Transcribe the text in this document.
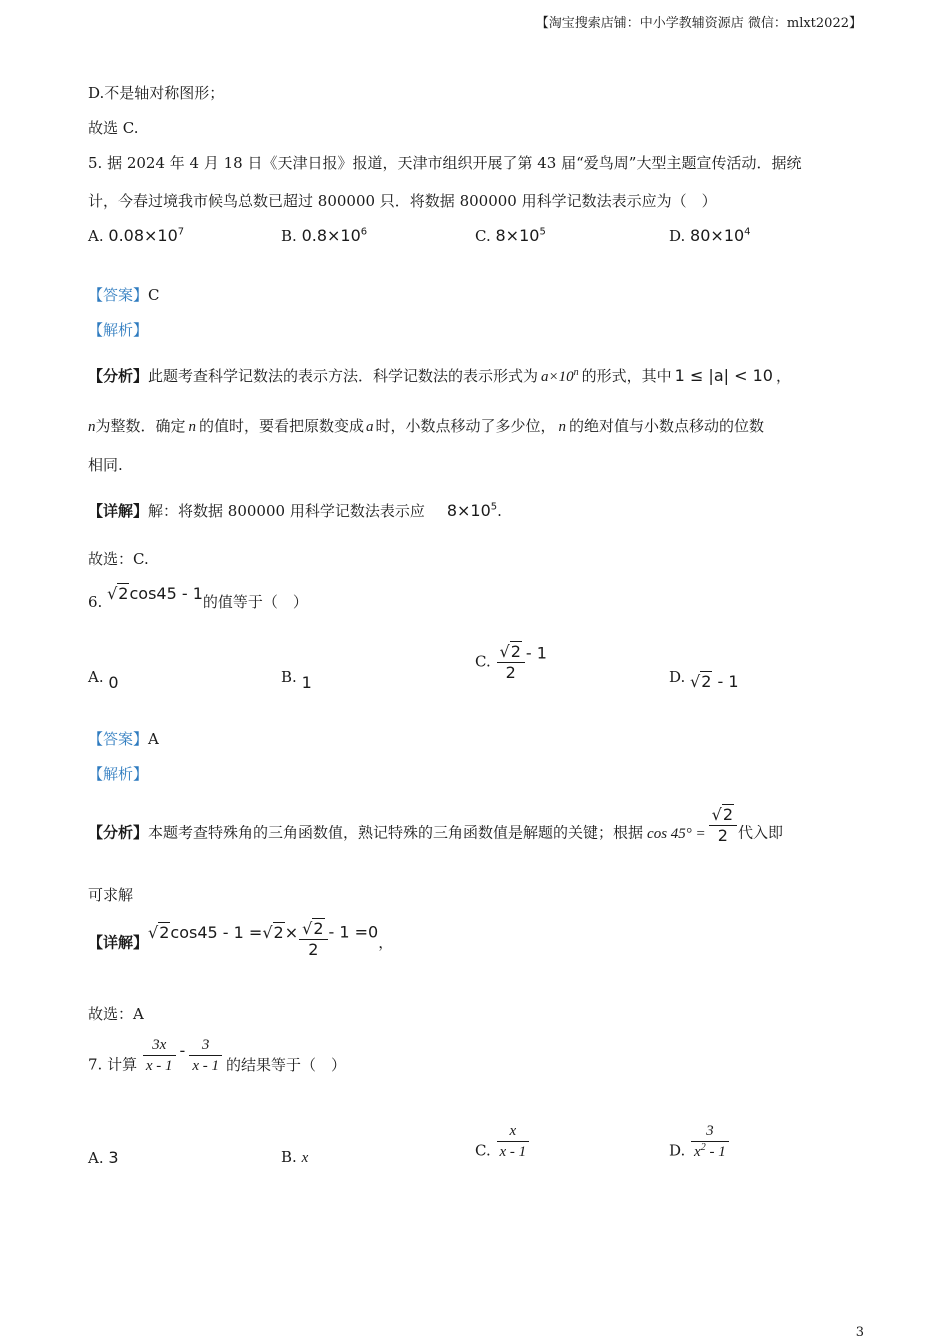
【淘宝搜索店铺：中小学教辅资源店 微信：mlxt2022】
D.不是轴对称图形；
故选 C.
5. 据 2024 年 4 月 18 日《天津日报》报道，天津市组织开展了第 43 届“爱鸟周”大型主题宣传活动．据统
计，今春过境我市候鸟总数已超过 800000 只．将数据 800000 用科学记数法表示应为（　）
A. $0.08\times 10^7$	B. $0.8\times 10^6$	C. $8\times 10^5$	D. $80\times 10^4$
【答案】C
【解析】
【分析】此题考查科学记数法的表示方法．科学记数法的表示形式为 $a\times 10^n$ 的形式，其中 1 ≤ |a| < 10 ，
n为整数．确定 n 的值时，要看把原数变成 a 时，小数点移动了多少位， n 的绝对值与小数点移动的位数
相同.
【详解】解：将数据 800000 用科学记数法表示应 $8\times 10^5$.
故选：C.
6. √2cos45 - 1的值等于（　）
A. 0	B. 1
C. $\frac{√2}{2} - 1$
D. √2 - 1
【答案】A
【解析】
【分析】本题考查特殊角的三角函数值，熟记特殊的三角函数值是解题的关键；根据 $\cos 45^\circ = \frac{√2}{2}$ 代入即
可求解
【详解】$√2\cos 45 - 1 =√2\times \frac{√2}{2} - 1 =0$，
故选：A
7. 计算 $\frac{3x}{x - 1} - \frac{3}{x - 1}$ 的结果等于（　）
A. 3	B. x	C. $\frac{x}{x - 1}$	D. $\frac{3}{x^2 - 1}$
3
